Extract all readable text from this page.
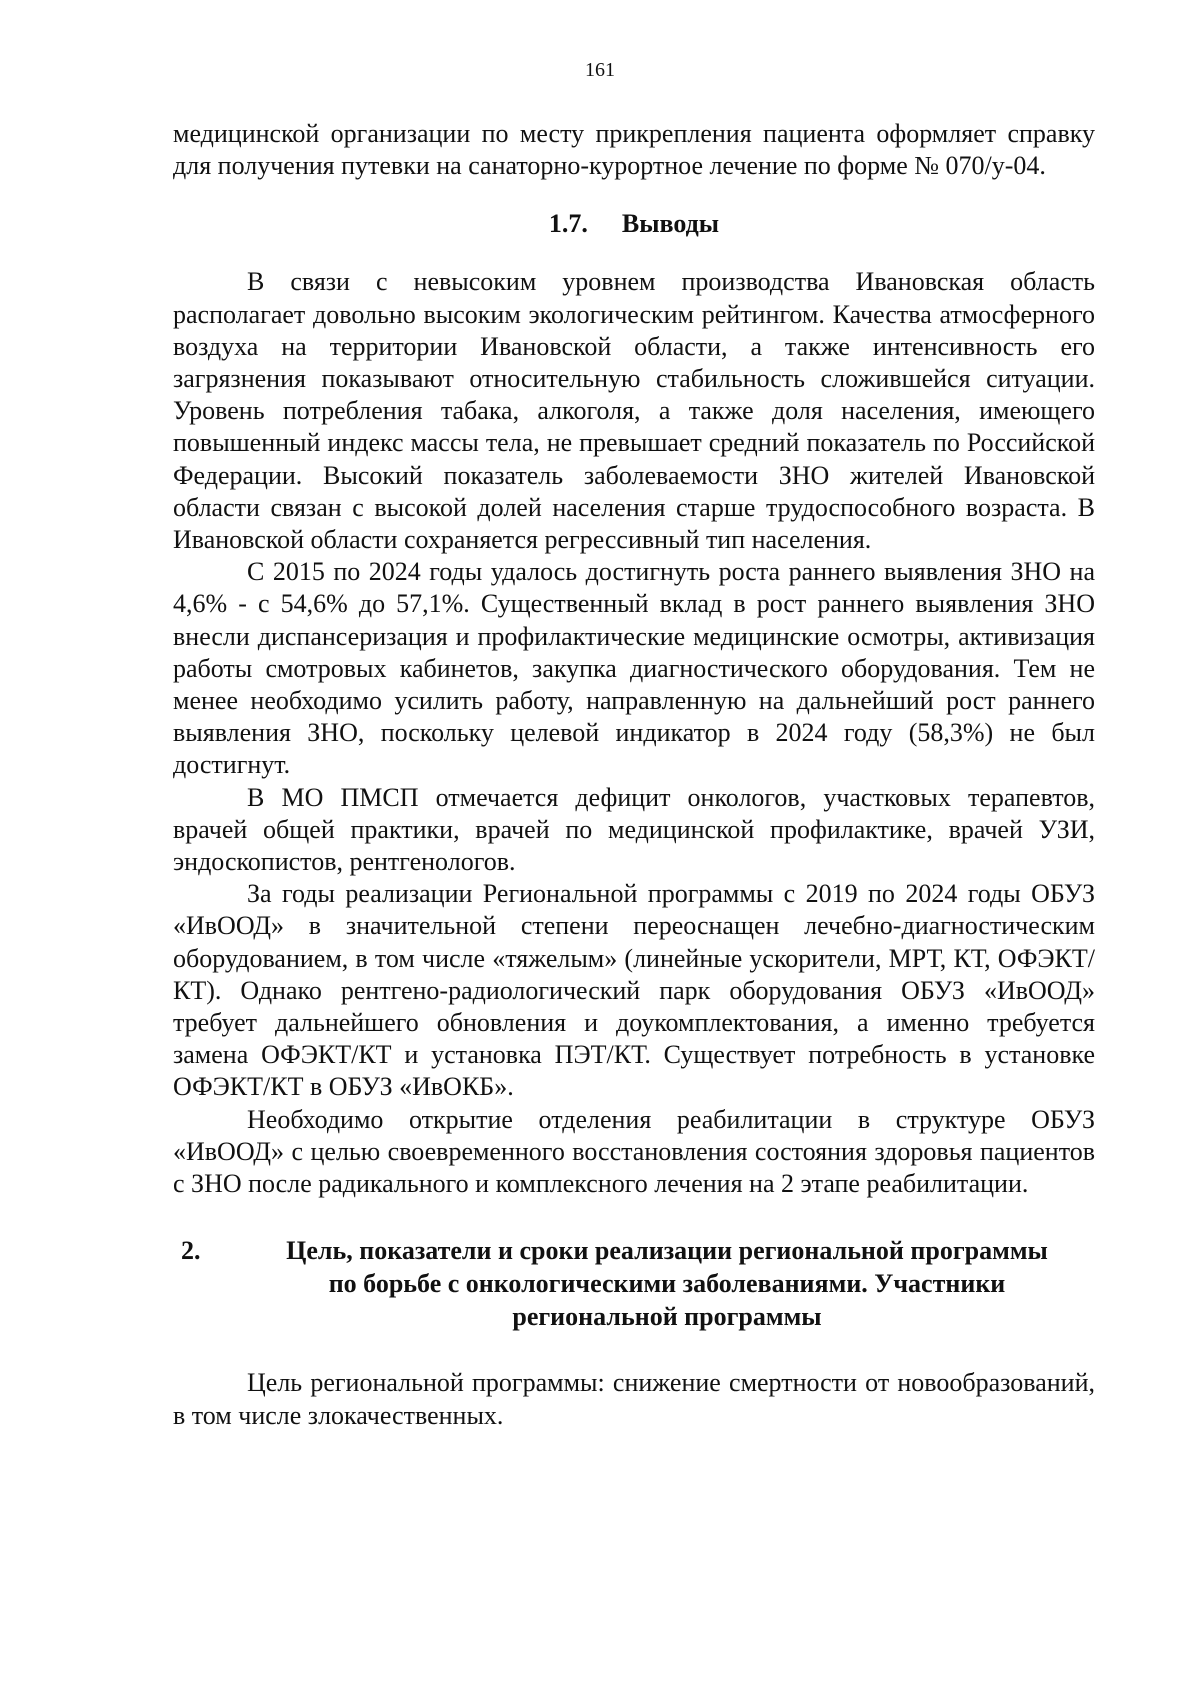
161

медицинской организации по месту прикрепления пациента оформляет справку для получения путевки на санаторно-курортное лечение по форме № 070/у-04.

1.7. Выводы

В связи с невысоким уровнем производства Ивановская область располагает довольно высоким экологическим рейтингом. Качества атмосферного воздуха на территории Ивановской области, а также интенсивность его загрязнения показывают относительную стабильность сложившейся ситуации. Уровень потребления табака, алкоголя, а также доля населения, имеющего повышенный индекс массы тела, не превышает средний показатель по Российской Федерации. Высокий показатель заболеваемости ЗНО жителей Ивановской области связан с высокой долей населения старше трудоспособного возраста. В Ивановской области сохраняется регрессивный тип населения.

С 2015 по 2024 годы удалось достигнуть роста раннего выявления ЗНО на 4,6% - с 54,6% до 57,1%. Существенный вклад в рост раннего выявления ЗНО внесли диспансеризация и профилактические медицинские осмотры, активизация работы смотровых кабинетов, закупка диагностического оборудования. Тем не менее необходимо усилить работу, направленную на дальнейший рост раннего выявления ЗНО, поскольку целевой индикатор в 2024 году (58,3%) не был достигнут.

В МО ПМСП отмечается дефицит онкологов, участковых терапевтов, врачей общей практики, врачей по медицинской профилактике, врачей УЗИ, эндоскопистов, рентгенологов.

За годы реализации Региональной программы с 2019 по 2024 годы ОБУЗ «ИвООД» в значительной степени переоснащен лечебно-диагностическим оборудованием, в том числе «тяжелым» (линейные ускорители, МРТ, КТ, ОФЭКТ/КТ). Однако рентгено-радиологический парк оборудования ОБУЗ «ИвООД» требует дальнейшего обновления и доукомплектования, а именно требуется замена ОФЭКТ/КТ и установка ПЭТ/КТ. Существует потребность в установке ОФЭКТ/КТ в ОБУЗ «ИвОКБ».

Необходимо открытие отделения реабилитации в структуре ОБУЗ «ИвООД» с целью своевременного восстановления состояния здоровья пациентов с ЗНО после радикального и комплексного лечения на 2 этапе реабилитации.

2.	Цель, показатели и сроки реализации региональной программы
по борьбе с онкологическими заболеваниями. Участники
региональной программы

Цель региональной программы: снижение смертности от новообразований, в том числе злокачественных.
